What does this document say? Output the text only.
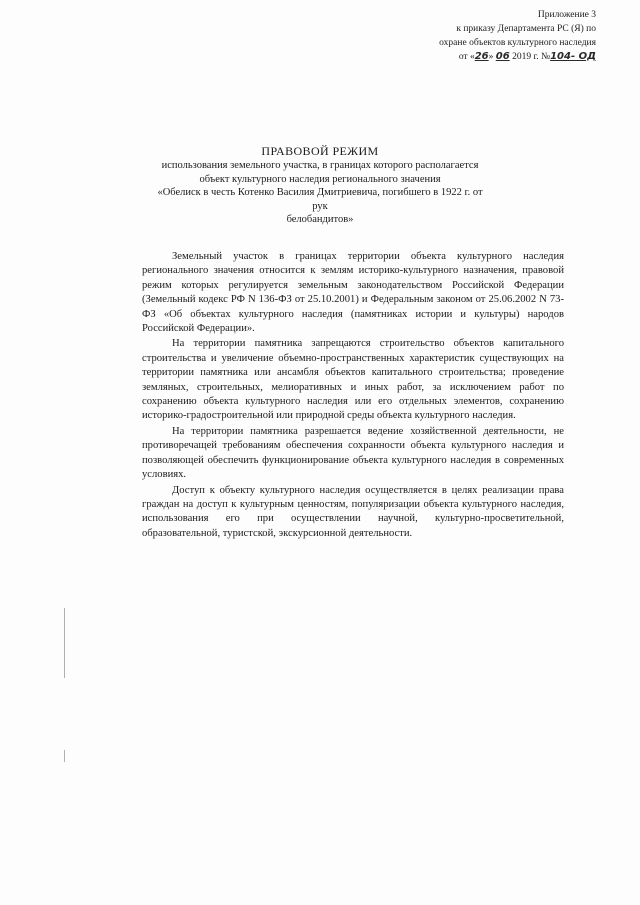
Приложение 3
к приказу Департамента РС (Я) по
охране объектов культурного наследия
от «26» 06 2019 г. №104- ОД
ПРАВОВОЙ РЕЖИМ
использования земельного участка, в границах которого располагается
объект культурного наследия регионального значения
«Обелиск в честь Котенко Василия Дмитриевича, погибшего в 1922 г. от рук
белобандитов»

Земельный участок в границах территории объекта культурного наследия регионального значения относится к землям историко-культурного назначения, правовой режим которых регулируется земельным законодательством Российской Федерации (Земельный кодекс РФ N 136-ФЗ от 25.10.2001) и Федеральным законом от 25.06.2002 N 73-ФЗ «Об объектах культурного наследия (памятниках истории и культуры) народов Российской Федерации».

На территории памятника запрещаются строительство объектов капитального строительства и увеличение объемно-пространственных характеристик существующих на территории памятника или ансамбля объектов капитального строительства; проведение земляных, строительных, мелиоративных и иных работ, за исключением работ по сохранению объекта культурного наследия или его отдельных элементов, сохранению историко-градостроительной или природной среды объекта культурного наследия.

На территории памятника разрешается ведение хозяйственной деятельности, не противоречащей требованиям обеспечения сохранности объекта культурного наследия и позволяющей обеспечить функционирование объекта культурного наследия в современных условиях.

Доступ к объекту культурного наследия осуществляется в целях реализации права граждан на доступ к культурным ценностям, популяризации объекта культурного наследия, использования его при осуществлении научной, культурно-просветительной, образовательной, туристской, экскурсионной деятельности.
